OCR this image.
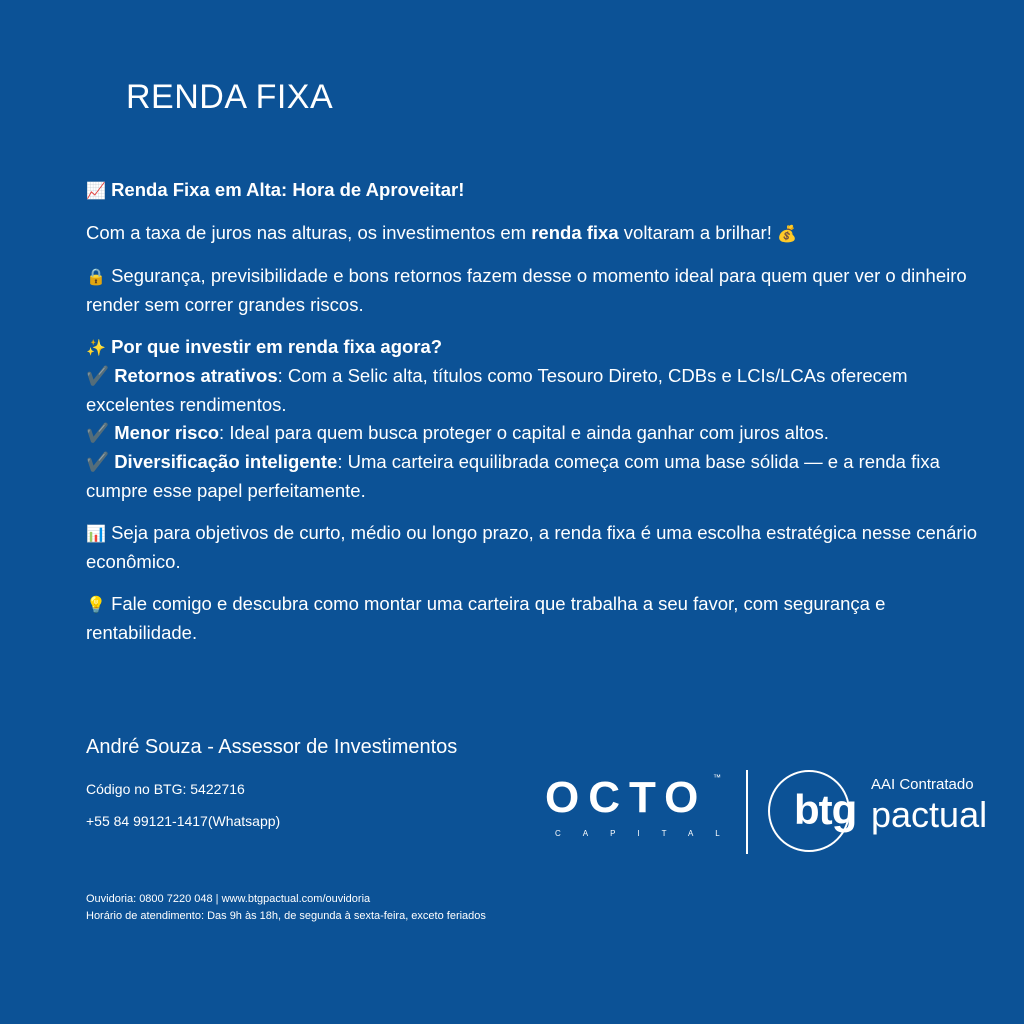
RENDA FIXA

📈 Renda Fixa em Alta: Hora de Aproveitar!

Com a taxa de juros nas alturas, os investimentos em renda fixa voltaram a brilhar! 💰

🔒 Segurança, previsibilidade e bons retornos fazem desse o momento ideal para quem quer ver o dinheiro render sem correr grandes riscos.

✨ Por que investir em renda fixa agora?
✔️ Retornos atrativos: Com a Selic alta, títulos como Tesouro Direto, CDBs e LCIs/LCAs oferecem excelentes rendimentos.
✔️ Menor risco: Ideal para quem busca proteger o capital e ainda ganhar com juros altos.
✔️ Diversificação inteligente: Uma carteira equilibrada começa com uma base sólida — e a renda fixa cumpre esse papel perfeitamente.

📊 Seja para objetivos de curto, médio ou longo prazo, a renda fixa é uma escolha estratégica nesse cenário econômico.

💡 Fale comigo e descubra como montar uma carteira que trabalha a seu favor, com segurança e rentabilidade.

André Souza - Assessor de Investimentos
Código no BTG: 5422716
+55 84 99121-1417(Whatsapp)	OCTO ™
CAPITAL
btg
AAI Contratado
pactual
Ouvidoria: 0800 7220 048 | www.btgpactual.com/ouvidoria
Horário de atendimento: Das 9h às 18h, de segunda à sexta-feira, exceto feriados
